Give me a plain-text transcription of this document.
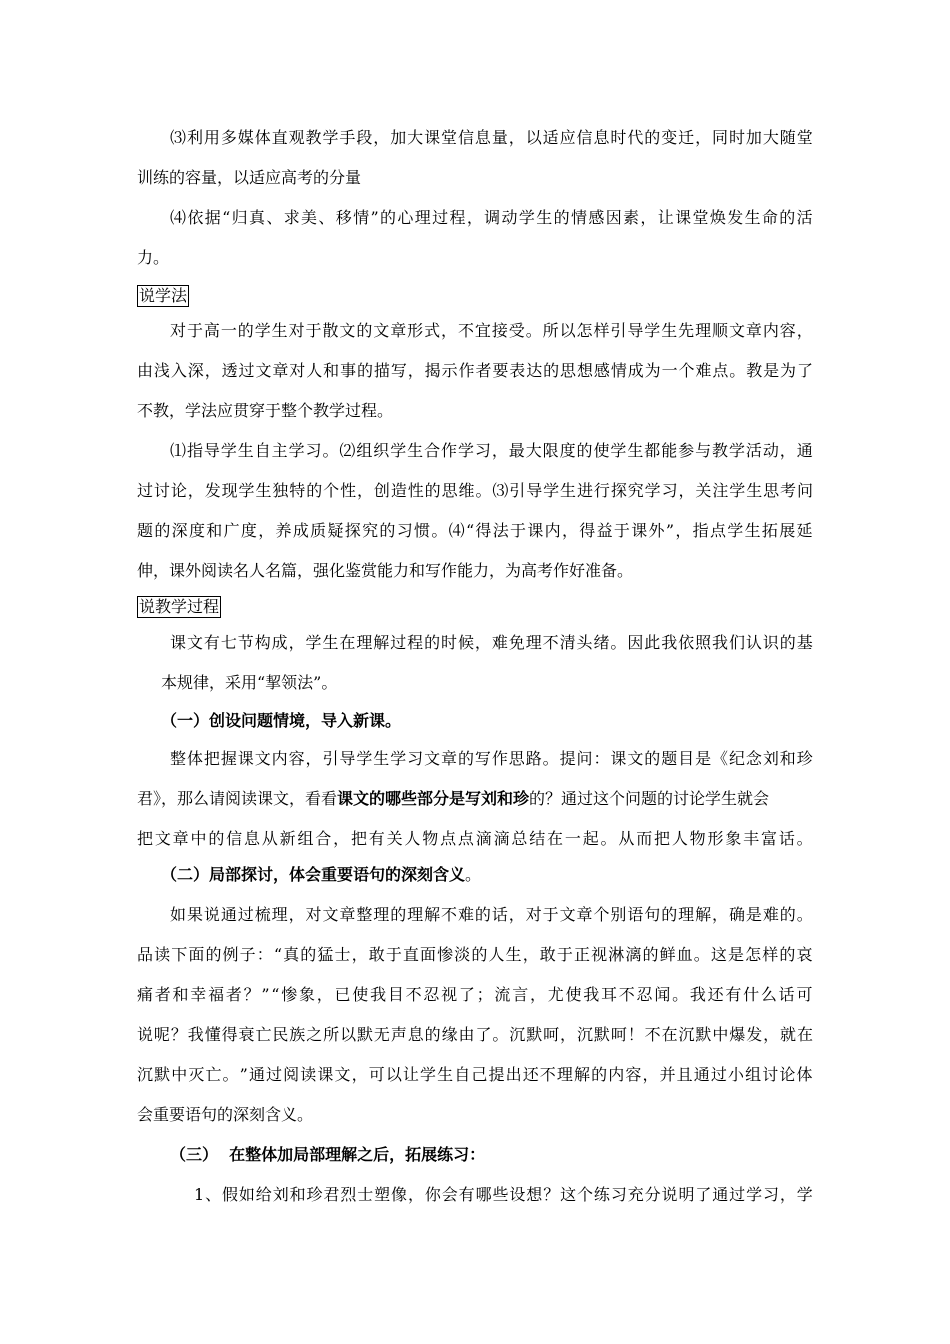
⑶ 利 用 多 媒 体 直 观 教 学 手 段 ， 加 大 课 堂 信 息 量 ， 以 适 应 信 息 时 代 的 变 迁 ， 同 时 加 大 随 堂
训练的容量，以适应高考的分量
⑷ 依 据 “ 归 真 、 求 美 、 移 情 ” 的 心 理 过 程 ， 调 动 学 生 的 情 感 因 素 ， 让 课 堂 焕 发 生 命 的 活
力。
说学法
对 于 高 一 的 学 生 对 于 散 文 的 文 章 形 式 ， 不 宜 接 受 。 所 以 怎 样 引 导 学 生 先 理 顺 文 章 内 容 ，
由 浅 入 深 ， 透 过 文 章 对 人 和 事 的 描 写 ， 揭 示 作 者 要 表 达 的 思 想 感 情 成 为 一 个 难 点 。 教 是 为 了
不教，学法应贯穿于整个教学过程。
⑴ 指 导 学 生 自 主 学 习 。 ⑵ 组 织 学 生 合 作 学 习 ， 最 大 限 度 的 使 学 生 都 能 参 与 教 学 活 动 ， 通
过 讨 论 ， 发 现 学 生 独 特 的 个 性 ， 创 造 性 的 思 维 。 ⑶ 引 导 学 生 进 行 探 究 学 习 ， 关 注 学 生 思 考 问
题 的 深 度 和 广 度 ， 养 成 质 疑 探 究 的 习 惯 。 ⑷ “ 得 法 于 课 内 ， 得 益 于 课 外 ” ， 指 点 学 生 拓 展 延
伸，课外阅读名人名篇，强化鉴赏能力和写作能力，为高考作好准备。
说教学过程
课 文 有 七 节 构 成 ， 学 生 在 理 解 过 程 的 时 候 ， 难 免 理 不 清 头 绪 。 因 此 我 依 照 我 们 认 识 的 基
本规律，采用“挈领法”。
（一）创设问题情境，导入新课。
整 体 把 握 课 文 内 容 ， 引 导 学 生 学 习 文 章 的 写 作 思 路 。 提 问 ： 课 文 的 题 目 是 《 纪 念 刘 和 珍
君》，那么请阅读课文，看看课文的哪些部分是写刘和珍的？通过这个问题的讨论学生就会
把 文 章 中 的 信 息 从 新 组 合 ， 把 有 关 人 物 点 点 滴 滴 总 结 在 一 起 。 从 而 把 人 物 形 象 丰 富 话 。
（二）局部探讨，体会重要语句的深刻含义。
如 果 说 通 过 梳 理 ， 对 文 章 整 理 的 理 解 不 难 的 话 ， 对 于 文 章 个 别 语 句 的 理 解 ， 确 是 难 的 。
品 读 下 面 的 例 子 ： “ 真 的 猛 士 ， 敢 于 直 面 惨 淡 的 人 生 ， 敢 于 正 视 淋 漓 的 鲜 血 。 这 是 怎 样 的 哀
痛 者 和 幸 福 者 ？ ” “ 惨 象 ， 已 使 我 目 不 忍 视 了 ； 流 言 ， 尤 使 我 耳 不 忍 闻 。 我 还 有 什 么 话 可
说 呢 ？ 我 懂 得 衰 亡 民 族 之 所 以 默 无 声 息 的 缘 由 了 。 沉 默 呵 ， 沉 默 呵 ！ 不 在 沉 默 中 爆 发 ， 就 在
沉 默 中 灭 亡 。 ” 通 过 阅 读 课 文 ， 可 以 让 学 生 自 己 提 出 还 不 理 解 的 内 容 ， 并 且 通 过 小 组 讨 论 体
会重要语句的深刻含义。
（三）  在整体加局部理解之后，拓展练习：
1 、 假 如 给 刘 和 珍 君 烈 士 塑 像 ， 你 会 有 哪 些 设 想 ？ 这 个 练 习 充 分 说 明 了 通 过 学 习 ， 学
